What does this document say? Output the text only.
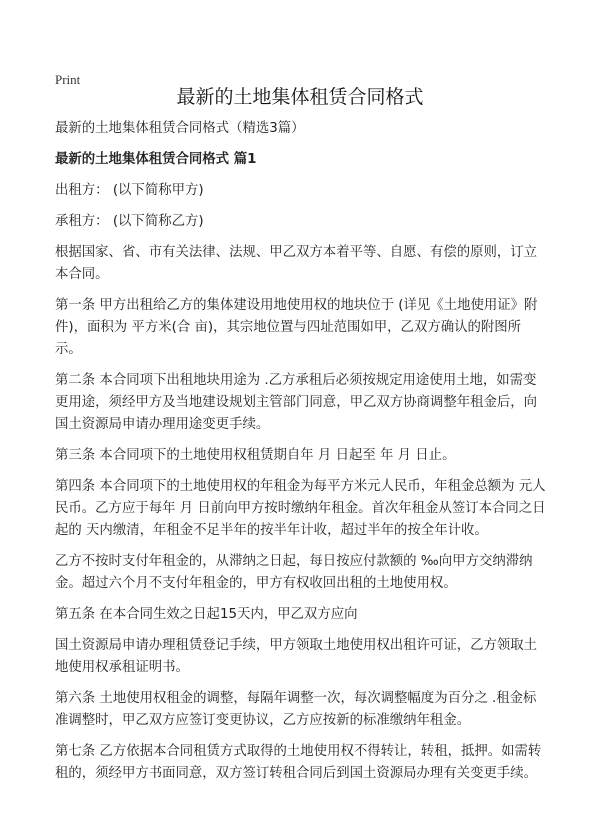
Print
最新的土地集体租赁合同格式

最新的土地集体租赁合同格式（精选3篇）

最新的土地集体租赁合同格式 篇1

出租方： (以下简称甲方)

承租方： (以下简称乙方)

根据国家、省、市有关法律、法规、甲乙双方本着平等、自愿、有偿的原则，订立本合同。

第一条 甲方出租给乙方的集体建设用地使用权的地块位于 (详见《土地使用证》附件)，面积为 平方米(合 亩)，其宗地位置与四址范围如甲，乙双方确认的附图所示。

第二条 本合同项下出租地块用途为 .乙方承租后必须按规定用途使用土地，如需变更用途，须经甲方及当地建设规划主管部门同意，甲乙双方协商调整年租金后，向国土资源局申请办理用途变更手续。

第三条 本合同项下的土地使用权租赁期自年 月 日起至 年 月 日止。

第四条 本合同项下的土地使用权的年租金为每平方米元人民币，年租金总额为 元人民币。乙方应于每年 月 日前向甲方按时缴纳年租金。首次年租金从签订本合同之日起的 天内缴清，年租金不足半年的按半年计收，超过半年的按全年计收。

乙方不按时支付年租金的，从滞纳之日起，每日按应付款额的 ‰向甲方交纳滞纳金。超过六个月不支付年租金的，甲方有权收回出租的土地使用权。

第五条 在本合同生效之日起15天内，甲乙双方应向

国土资源局申请办理租赁登记手续，甲方领取土地使用权出租许可证，乙方领取土地使用权承租证明书。

第六条 土地使用权租金的调整，每隔年调整一次，每次调整幅度为百分之 .租金标准调整时，甲乙双方应签订变更协议，乙方应按新的标准缴纳年租金。

第七条 乙方依据本合同租赁方式取得的土地使用权不得转让，转租，抵押。如需转租的，须经甲方书面同意，双方签订转租合同后到国土资源局办理有关变更手续。
